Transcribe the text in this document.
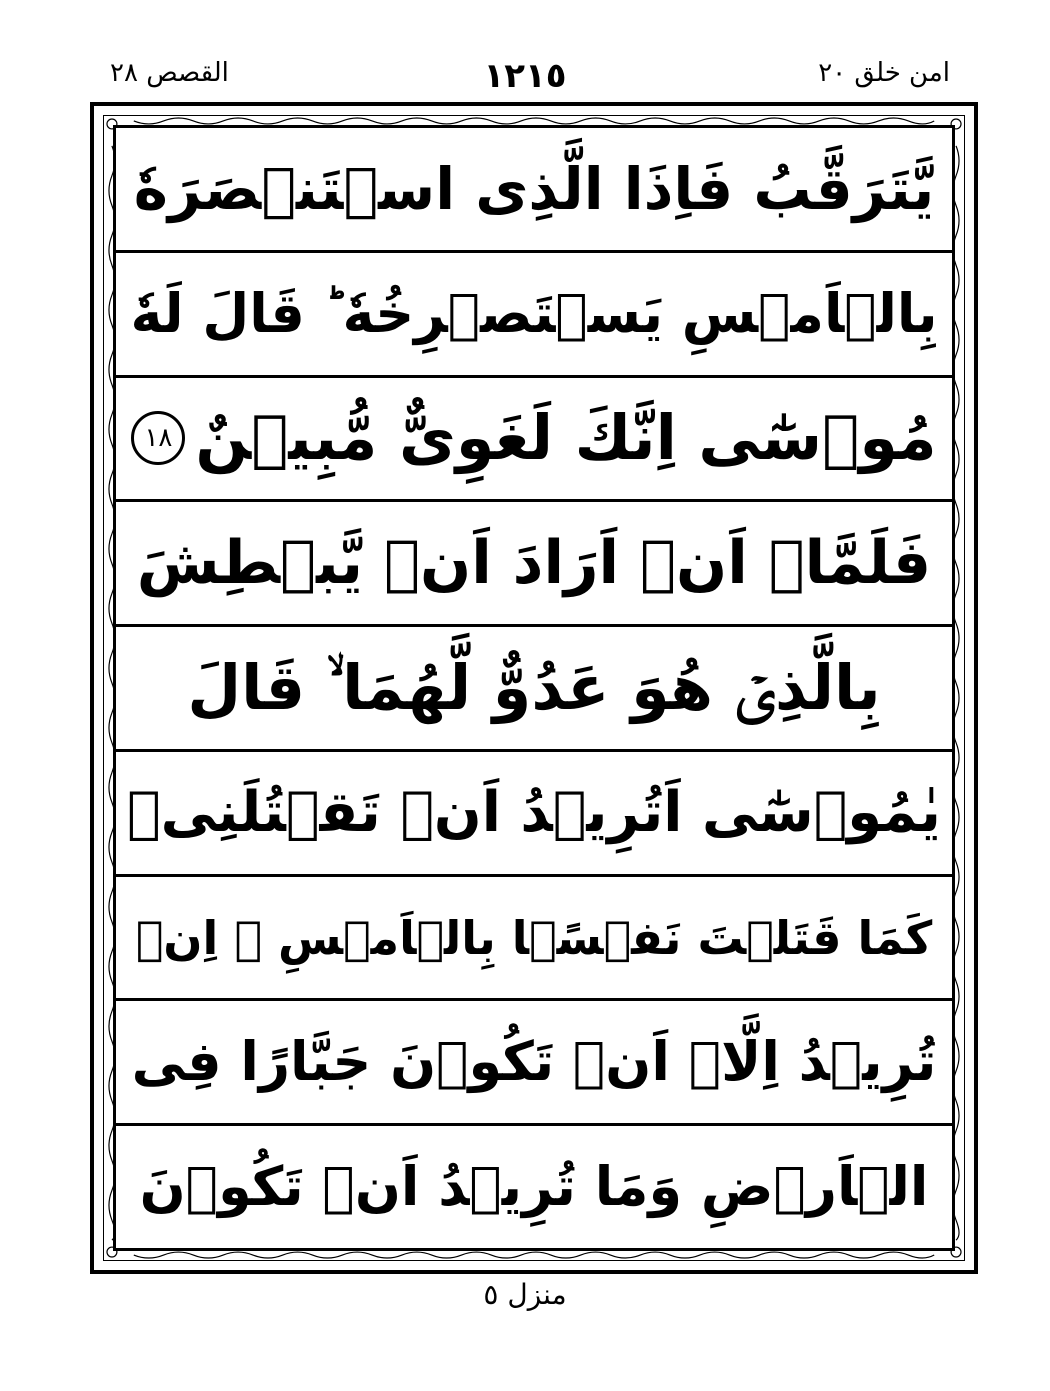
القصص ٢٨	١٢١٥	امن خلق ٢٠
يَّتَرَقَّبُ فَاِذَا الَّذِى اسۡتَنۡصَرَهٗ
بِالۡاَمۡسِ يَسۡتَصۡرِخُهٗ ؕ قَالَ لَهٗ
مُوۡسٰٓى اِنَّكَ لَغَوِىٌّ مُّبِيۡنٌ
١٨
فَلَمَّاۤ اَنۡ اَرَادَ اَنۡ يَّبۡطِشَ
بِالَّذِىۡ هُوَ عَدُوٌّ لَّهُمَا ۙ قَالَ
يٰمُوۡسٰٓى اَتُرِيۡدُ اَنۡ تَقۡتُلَنِىۡ
كَمَا قَتَلۡتَ نَفۡسًۢا بِالۡاَمۡسِ ۖ اِنۡ
تُرِيۡدُ اِلَّاۤ اَنۡ تَكُوۡنَ جَبَّارًا فِى
الۡاَرۡضِ وَمَا تُرِيۡدُ اَنۡ تَكُوۡنَ
منزل ٥
